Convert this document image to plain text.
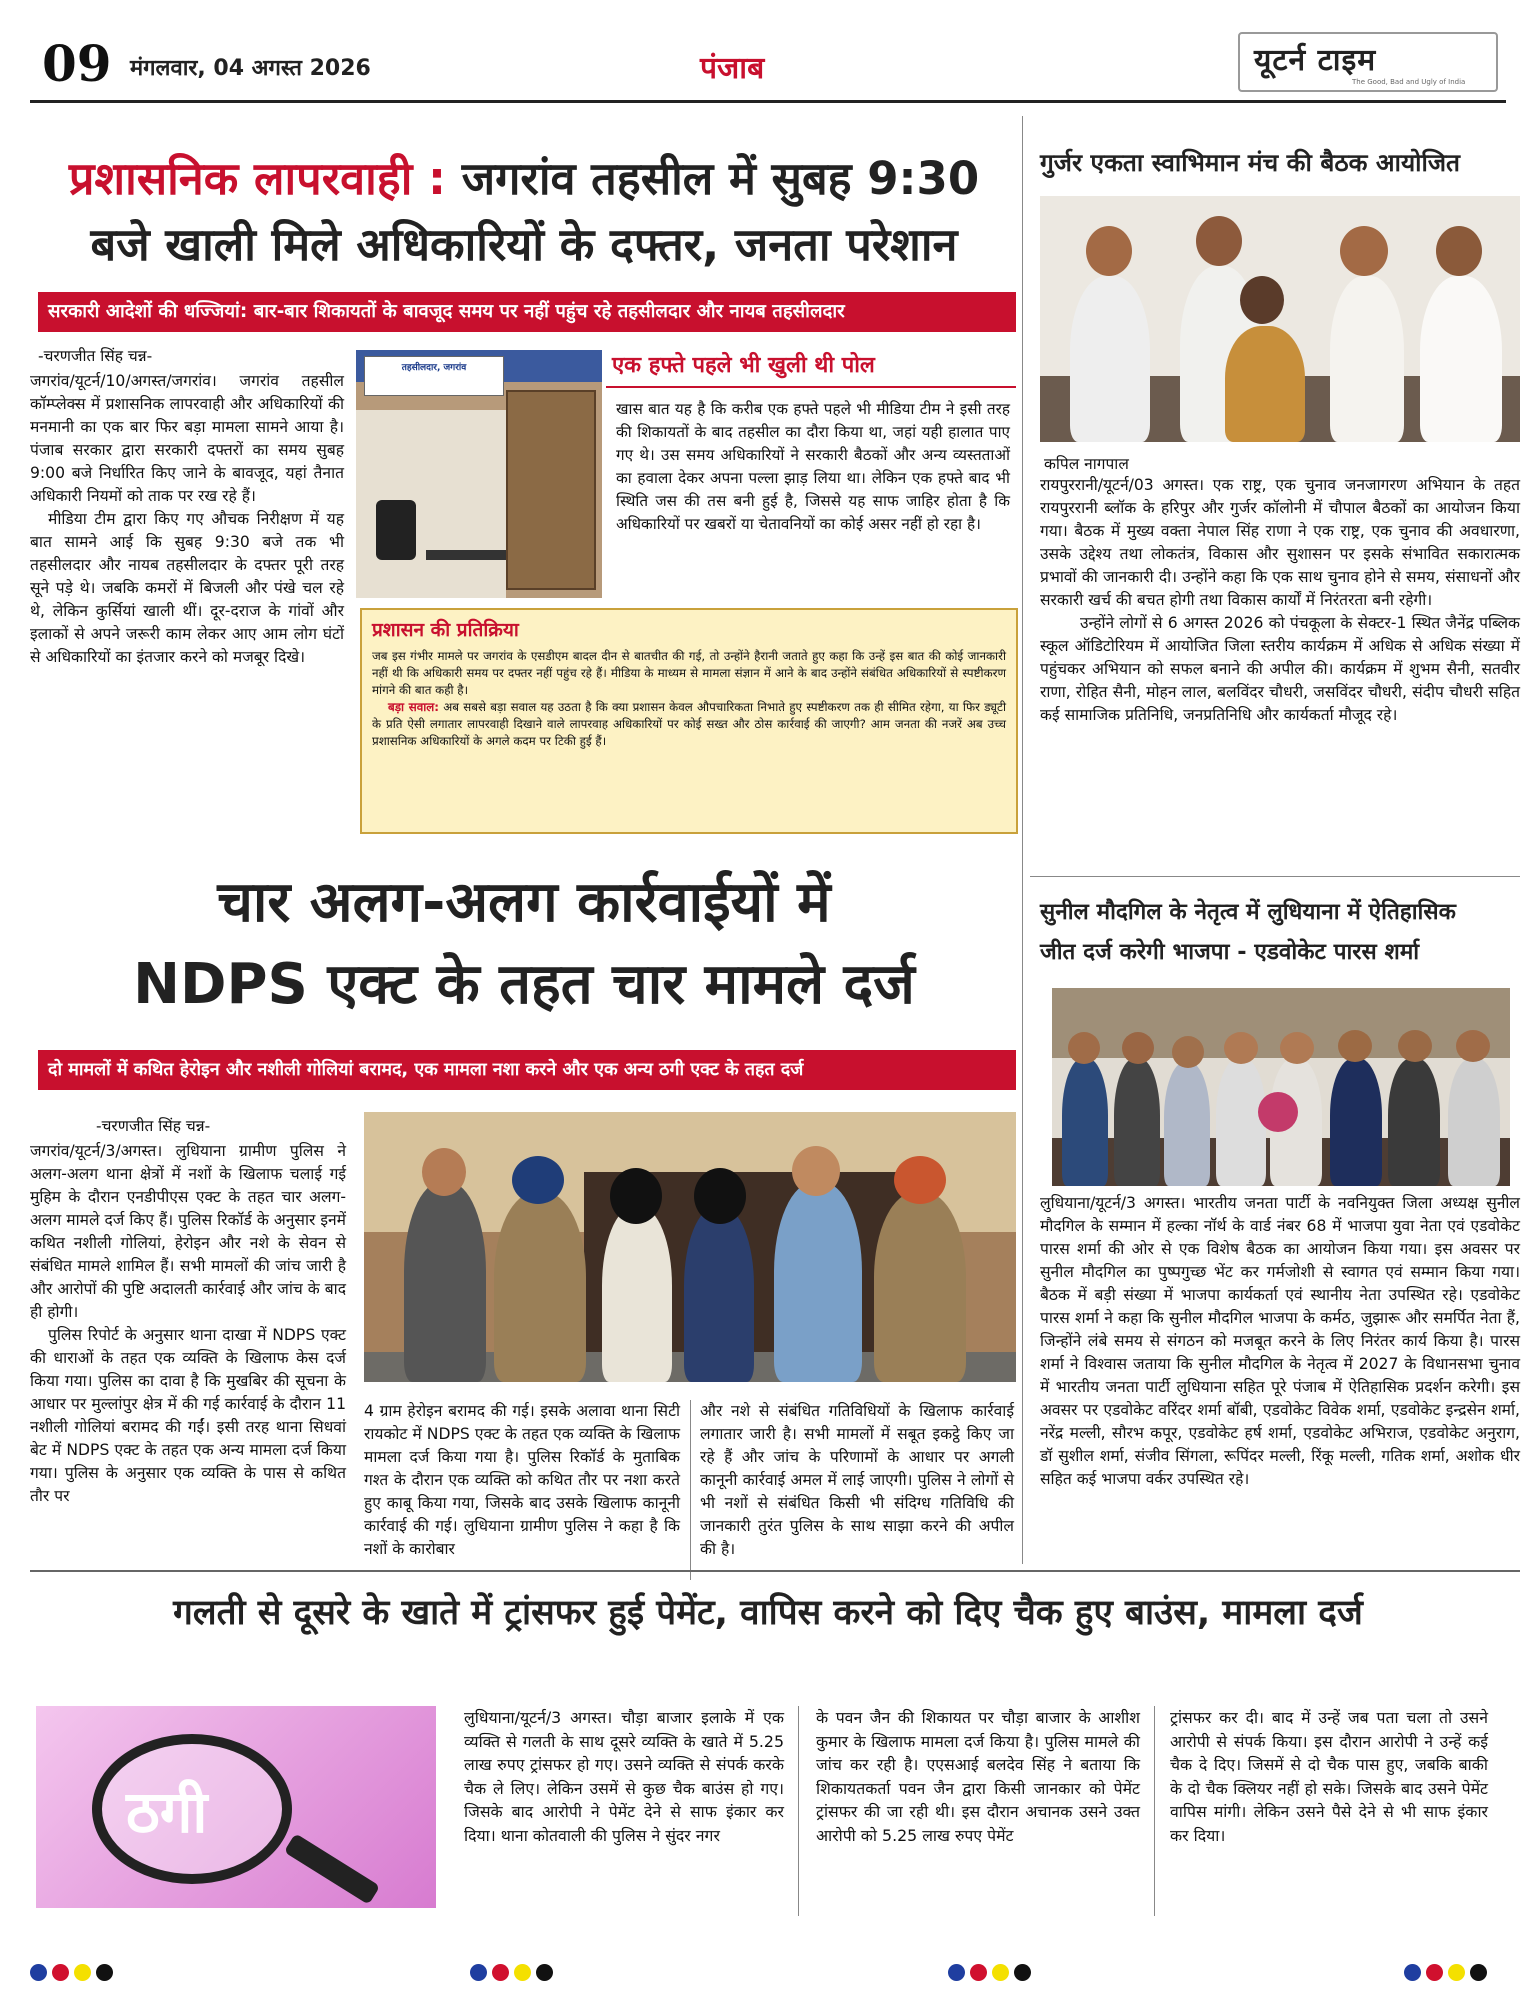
09 मंगलवार, 04 अगस्त 2026	पंजाब	यूटर्न टाइम
The Good, Bad and Ugly of India
प्रशासनिक लापरवाही : जगरांव तहसील में सुबह 9:30
बजे खाली मिले अधिकारियों के दफ्तर, जनता परेशान
सरकारी आदेशों की धज्जियां: बार-बार शिकायतों के बावजूद समय पर नहीं पहुंच रहे तहसीलदार और नायब तहसीलदार
-चरणजीत सिंह चन्न-

जगरांव/यूटर्न/10/अगस्त/जगरांव। जगरांव तहसील कॉम्प्लेक्स में प्रशासनिक लापरवाही और अधिकारियों की मनमानी का एक बार फिर बड़ा मामला सामने आया है। पंजाब सरकार द्वारा सरकारी दफ्तरों का समय सुबह 9:00 बजे निर्धारित किए जाने के बावजूद, यहां तैनात अधिकारी नियमों को ताक पर रख रहे हैं।

मीडिया टीम द्वारा किए गए औचक निरीक्षण में यह बात सामने आई कि सुबह 9:30 बजे तक भी तहसीलदार और नायब तहसीलदार के दफ्तर पूरी तरह सूने पड़े थे। जबकि कमरों में बिजली और पंखे चल रहे थे, लेकिन कुर्सियां खाली थीं। दूर-दराज के गांवों और इलाकों से अपने जरूरी काम लेकर आए आम लोग घंटों से अधिकारियों का इंतजार करने को मजबूर दिखे।

तहसीलदार, जगरांव	एक हफ्ते पहले भी खुली थी पोल

खास बात यह है कि करीब एक हफ्ते पहले भी मीडिया टीम ने इसी तरह की शिकायतों के बाद तहसील का दौरा किया था, जहां यही हालात पाए गए थे। उस समय अधिकारियों ने सरकारी बैठकों और अन्य व्यस्तताओं का हवाला देकर अपना पल्ला झाड़ लिया था। लेकिन एक हफ्ते बाद भी स्थिति जस की तस बनी हुई है, जिससे यह साफ जाहिर होता है कि अधिकारियों पर खबरों या चेतावनियों का कोई असर नहीं हो रहा है।

प्रशासन की प्रतिक्रिया

जब इस गंभीर मामले पर जगरांव के एसडीएम बादल दीन से बातचीत की गई, तो उन्होंने हैरानी जताते हुए कहा कि उन्हें इस बात की कोई जानकारी नहीं थी कि अधिकारी समय पर दफ्तर नहीं पहुंच रहे हैं। मीडिया के माध्यम से मामला संज्ञान में आने के बाद उन्होंने संबंधित अधिकारियों से स्पष्टीकरण मांगने की बात कही है।

बड़ा सवाल: अब सबसे बड़ा सवाल यह उठता है कि क्या प्रशासन केवल औपचारिकता निभाते हुए स्पष्टीकरण तक ही सीमित रहेगा, या फिर ड्यूटी के प्रति ऐसी लगातार लापरवाही दिखाने वाले लापरवाह अधिकारियों पर कोई सख्त और ठोस कार्रवाई की जाएगी? आम जनता की नजरें अब उच्च प्रशासनिक अधिकारियों के अगले कदम पर टिकी हुई हैं।

चार अलग-अलग कार्रवाईयों में
NDPS एक्ट के तहत चार मामले दर्ज
दो मामलों में कथित हेरोइन और नशीली गोलियां बरामद, एक मामला नशा करने और एक अन्य ठगी एक्ट के तहत दर्ज
-चरणजीत सिंह चन्न-

जगरांव/यूटर्न/3/अगस्त। लुधियाना ग्रामीण पुलिस ने अलग-अलग थाना क्षेत्रों में नशों के खिलाफ चलाई गई मुहिम के दौरान एनडीपीएस एक्ट के तहत चार अलग-अलग मामले दर्ज किए हैं। पुलिस रिकॉर्ड के अनुसार इनमें कथित नशीली गोलियां, हेरोइन और नशे के सेवन से संबंधित मामले शामिल हैं। सभी मामलों की जांच जारी है और आरोपों की पुष्टि अदालती कार्रवाई और जांच के बाद ही होगी।

पुलिस रिपोर्ट के अनुसार थाना दाखा में NDPS एक्ट की धाराओं के तहत एक व्यक्ति के खिलाफ केस दर्ज किया गया। पुलिस का दावा है कि मुखबिर की सूचना के आधार पर मुल्लांपुर क्षेत्र में की गई कार्रवाई के दौरान 11 नशीली गोलियां बरामद की गईं। इसी तरह थाना सिधवां बेट में NDPS एक्ट के तहत एक अन्य मामला दर्ज किया गया। पुलिस के अनुसार एक व्यक्ति के पास से कथित तौर पर

4 ग्राम हेरोइन बरामद की गई। इसके अलावा थाना सिटी रायकोट में NDPS एक्ट के तहत एक व्यक्ति के खिलाफ मामला दर्ज किया गया है। पुलिस रिकॉर्ड के मुताबिक गश्त के दौरान एक व्यक्ति को कथित तौर पर नशा करते हुए काबू किया गया, जिसके बाद उसके खिलाफ कानूनी कार्रवाई की गई। लुधियाना ग्रामीण पुलिस ने कहा है कि नशों के कारोबार

और नशे से संबंधित गतिविधियों के खिलाफ कार्रवाई लगातार जारी है। सभी मामलों में सबूत इकट्ठे किए जा रहे हैं और जांच के परिणामों के आधार पर अगली कानूनी कार्रवाई अमल में लाई जाएगी। पुलिस ने लोगों से भी नशों से संबंधित किसी भी संदिग्ध गतिविधि की जानकारी तुरंत पुलिस के साथ साझा करने की अपील की है।

गुर्जर एकता स्वाभिमान मंच की बैठक आयोजित
कपिल नागपाल

रायपुररानी/यूटर्न/03 अगस्त। एक राष्ट्र, एक चुनाव जनजागरण अभियान के तहत रायपुररानी ब्लॉक के हरिपुर और गुर्जर कॉलोनी में चौपाल बैठकों का आयोजन किया गया। बैठक में मुख्य वक्ता नेपाल सिंह राणा ने एक राष्ट्र, एक चुनाव की अवधारणा, उसके उद्देश्य तथा लोकतंत्र, विकास और सुशासन पर इसके संभावित सकारात्मक प्रभावों की जानकारी दी। उन्होंने कहा कि एक साथ चुनाव होने से समय, संसाधनों और सरकारी खर्च की बचत होगी तथा विकास कार्यों में निरंतरता बनी रहेगी।

उन्होंने लोगों से 6 अगस्त 2026 को पंचकूला के सेक्टर-1 स्थित जैनेंद्र पब्लिक स्कूल ऑडिटोरियम में आयोजित जिला स्तरीय कार्यक्रम में अधिक से अधिक संख्या में पहुंचकर अभियान को सफल बनाने की अपील की। कार्यक्रम में शुभम सैनी, सतवीर राणा, रोहित सैनी, मोहन लाल, बलविंदर चौधरी, जसविंदर चौधरी, संदीप चौधरी सहित कई सामाजिक प्रतिनिधि, जनप्रतिनिधि और कार्यकर्ता मौजूद रहे।

सुनील मौदगिल के नेतृत्व में लुधियाना में ऐतिहासिक
जीत दर्ज करेगी भाजपा - एडवोकेट पारस शर्मा

लुधियाना/यूटर्न/3 अगस्त। भारतीय जनता पार्टी के नवनियुक्त जिला अध्यक्ष सुनील मौदगिल के सम्मान में हल्का नॉर्थ के वार्ड नंबर 68 में भाजपा युवा नेता एवं एडवोकेट पारस शर्मा की ओर से एक विशेष बैठक का आयोजन किया गया। इस अवसर पर सुनील मौदगिल का पुष्पगुच्छ भेंट कर गर्मजोशी से स्वागत एवं सम्मान किया गया। बैठक में बड़ी संख्या में भाजपा कार्यकर्ता एवं स्थानीय नेता उपस्थित रहे। एडवोकेट पारस शर्मा ने कहा कि सुनील मौदगिल भाजपा के कर्मठ, जुझारू और समर्पित नेता हैं, जिन्होंने लंबे समय से संगठन को मजबूत करने के लिए निरंतर कार्य किया है। पारस शर्मा ने विश्वास जताया कि सुनील मौदगिल के नेतृत्व में 2027 के विधानसभा चुनाव में भारतीय जनता पार्टी लुधियाना सहित पूरे पंजाब में ऐतिहासिक प्रदर्शन करेगी। इस अवसर पर एडवोकेट वरिंदर शर्मा बॉबी, एडवोकेट विवेक शर्मा, एडवोकेट इन्द्रसेन शर्मा, नरेंद्र मल्ली, सौरभ कपूर, एडवोकेट हर्ष शर्मा, एडवोकेट अभिराज, एडवोकेट अनुराग, डॉ सुशील शर्मा, संजीव सिंगला, रूपिंदर मल्ली, रिंकू मल्ली, गतिक शर्मा, अशोक धीर सहित कई भाजपा वर्कर उपस्थित रहे।

गलती से दूसरे के खाते में ट्रांसफर हुई पेमेंट, वापिस करने को दिए चैक हुए बाउंस, मामला दर्ज
ठगी

लुधियाना/यूटर्न/3 अगस्त। चौड़ा बाजार इलाके में एक व्यक्ति से गलती के साथ दूसरे व्यक्ति के खाते में 5.25 लाख रुपए ट्रांसफर हो गए। उसने व्यक्ति से संपर्क करके चैक ले लिए। लेकिन उसमें से कुछ चैक बाउंस हो गए। जिसके बाद आरोपी ने पेमेंट देने से साफ इंकार कर दिया। थाना कोतवाली की पुलिस ने सुंदर नगर

के पवन जैन की शिकायत पर चौड़ा बाजार के आशीश कुमार के खिलाफ मामला दर्ज किया है। पुलिस मामले की जांच कर रही है। एएसआई बलदेव सिंह ने बताया कि शिकायतकर्ता पवन जैन द्वारा किसी जानकार को पेमेंट ट्रांसफर की जा रही थी। इस दौरान अचानक उसने उक्त आरोपी को 5.25 लाख रुपए पेमेंट

ट्रांसफर कर दी। बाद में उन्हें जब पता चला तो उसने आरोपी से संपर्क किया। इस दौरान आरोपी ने उन्हें कई चैक दे दिए। जिसमें से दो चैक पास हुए, जबकि बाकी के दो चैक क्लियर नहीं हो सके। जिसके बाद उसने पेमेंट वापिस मांगी। लेकिन उसने पैसे देने से भी साफ इंकार कर दिया।
